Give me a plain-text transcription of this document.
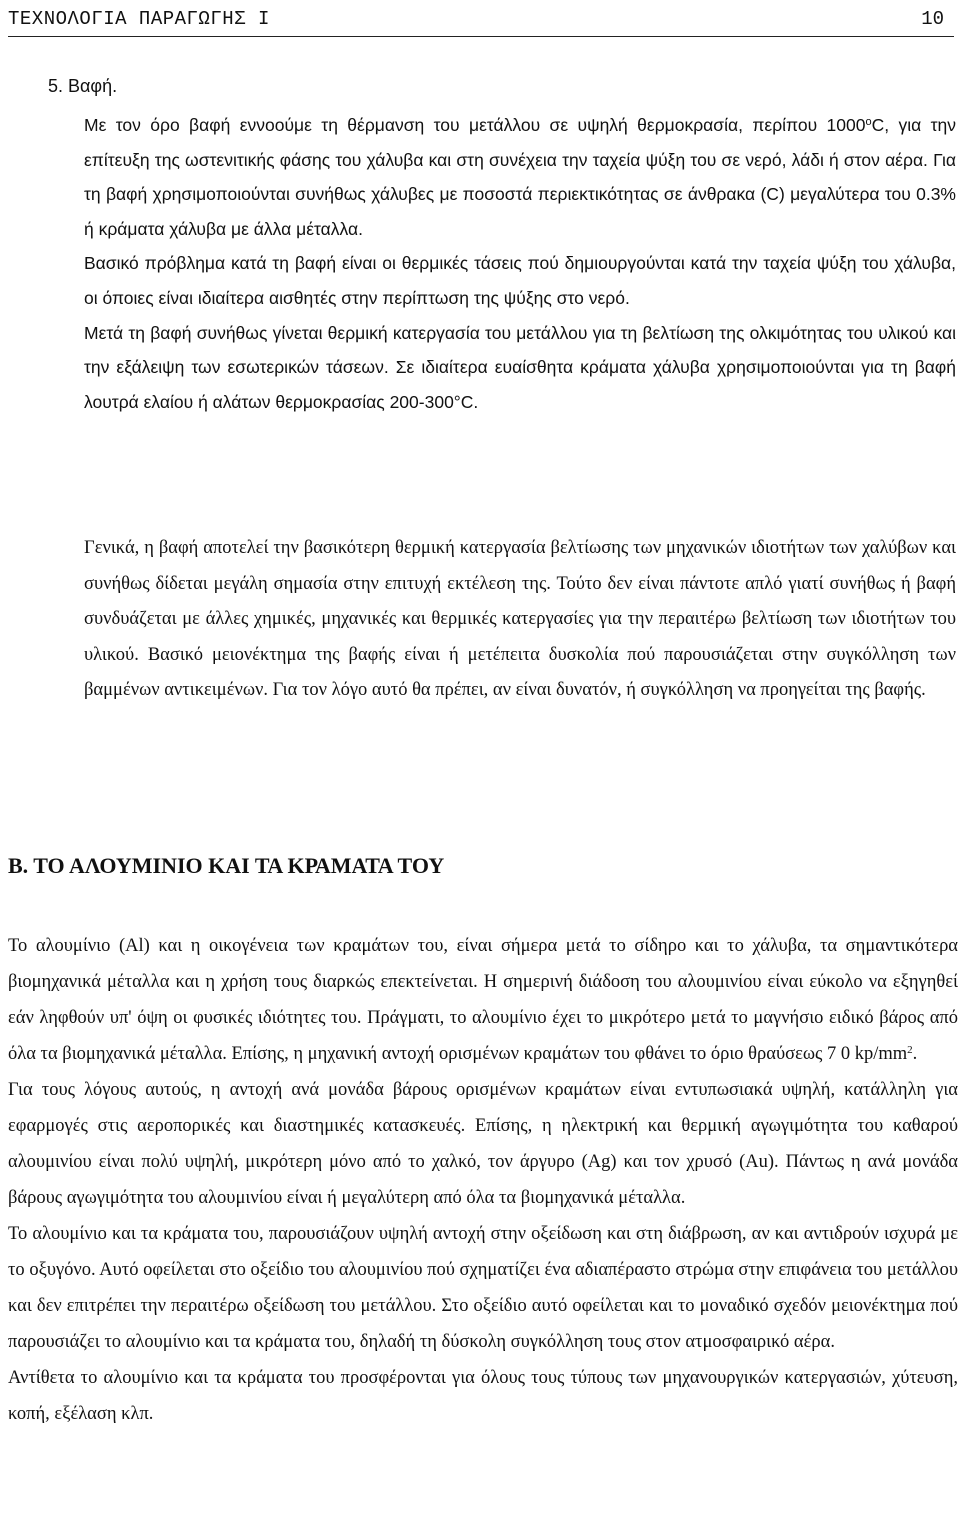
ΤΕΧΝΟΛΟΓΙΑ ΠΑΡΑΓΩΓΗΣ Ι	10
5. Βαφή.

Με τον όρο βαφή εννοούμε τη θέρμανση του μετάλλου σε υψηλή θερμοκρασία, περίπου 1000$^o$C, για την επίτευξη της ωστενιτικής φάσης του χάλυβα και στη συνέχεια την ταχεία ψύξη του σε νερό, λάδι ή στον αέρα. Για τη βαφή χρησιμοποιούνται συνήθως χάλυβες με ποσοστά περιεκτικότητας σε άνθρακα (C) μεγαλύτερα του 0.3% ή κράματα χάλυβα με άλλα μέταλλα.

Βασικό πρόβλημα κατά τη βαφή είναι οι θερμικές τάσεις πού δημιουργούνται κατά την ταχεία ψύξη του χάλυβα, οι όποιες είναι ιδιαίτερα αισθητές στην περίπτωση της ψύξης στο νερό.

Μετά τη βαφή συνήθως γίνεται θερμική κατεργασία του μετάλλου για τη βελτίωση της ολκιμότητας του υλικού και την εξάλειψη των εσωτερικών τάσεων. Σε ιδιαίτερα ευαίσθητα κράματα χάλυβα χρησιμοποιούνται για τη βαφή λουτρά ελαίου ή αλάτων θερμοκρασίας 200-300°C.

Γενικά, η βαφή αποτελεί την βασικότερη θερμική κατεργασία βελτίωσης των μηχανικών ιδιοτήτων των χαλύβων και συνήθως δίδεται μεγάλη σημασία στην επιτυχή εκτέλεση της. Τούτο δεν είναι πάντοτε απλό γιατί συνήθως ή βαφή συνδυάζεται με άλλες χημικές, μηχανικές και θερμικές κατεργασίες για την περαιτέρω βελτίωση των ιδιοτήτων του υλικού. Βασικό μειονέκτημα της βαφής είναι ή μετέπειτα δυσκολία πού παρουσιάζεται στην συγκόλληση των βαμμένων αντικειμένων. Για τον λόγο αυτό θα πρέπει, αν είναι δυνατόν, ή συγκόλληση να προηγείται της βαφής.

Β. ΤΟ ΑΛΟΥΜΙΝΙΟ ΚΑΙ ΤΑ ΚΡΑΜΑΤΑ ΤΟΥ

Το αλουμίνιο (Al) και η οικογένεια των κραμάτων του, είναι σήμερα μετά το σίδηρο και το χάλυβα, τα σημαντικότερα βιομηχανικά μέταλλα και η χρήση τους διαρκώς επεκτείνεται. Η σημερινή διάδοση του αλουμινίου είναι εύκολο να εξηγηθεί εάν ληφθούν υπ' όψη οι φυσικές ιδιότητες του. Πράγματι, το αλουμίνιο έχει το μικρότερο μετά το μαγνήσιο ειδικό βάρος από όλα τα βιομηχανικά μέταλλα. Επίσης, η μηχανική αντοχή ορισμένων κραμάτων του φθάνει το όριο θραύσεως 7 0 $kp/mm^2$.

Για τους λόγους αυτούς, η αντοχή ανά μονάδα βάρους ορισμένων κραμάτων είναι εντυπωσιακά υψηλή, κατάλληλη για εφαρμογές στις αεροπορικές και διαστημικές κατασκευές. Επίσης, η ηλεκτρική και θερμική αγωγιμότητα του καθαρού αλουμινίου είναι πολύ υψηλή, μικρότερη μόνο από το χαλκό, τον άργυρο (Ag) και τον χρυσό (Au). Πάντως η ανά μονάδα βάρους αγωγιμότητα του αλουμινίου είναι ή μεγαλύτερη από όλα τα βιομηχανικά μέταλλα.

Το αλουμίνιο και τα κράματα του, παρουσιάζουν υψηλή αντοχή στην οξείδωση και στη διάβρωση, αν και αντιδρούν ισχυρά με το οξυγόνο. Αυτό οφείλεται στο οξείδιο του αλουμινίου πού σχηματίζει ένα αδιαπέραστο στρώμα στην επιφάνεια του μετάλλου και δεν επιτρέπει την περαιτέρω οξείδωση του μετάλλου. Στο οξείδιο αυτό οφείλεται και το μοναδικό σχεδόν μειονέκτημα πού παρουσιάζει το αλουμίνιο και τα κράματα του, δηλαδή τη δύσκολη συγκόλληση τους στον ατμοσφαιρικό αέρα.

Αντίθετα το αλουμίνιο και τα κράματα του προσφέρονται για όλους τους τύπους των μηχανουργικών κατεργασιών, χύτευση, κοπή, εξέλαση κλπ.
